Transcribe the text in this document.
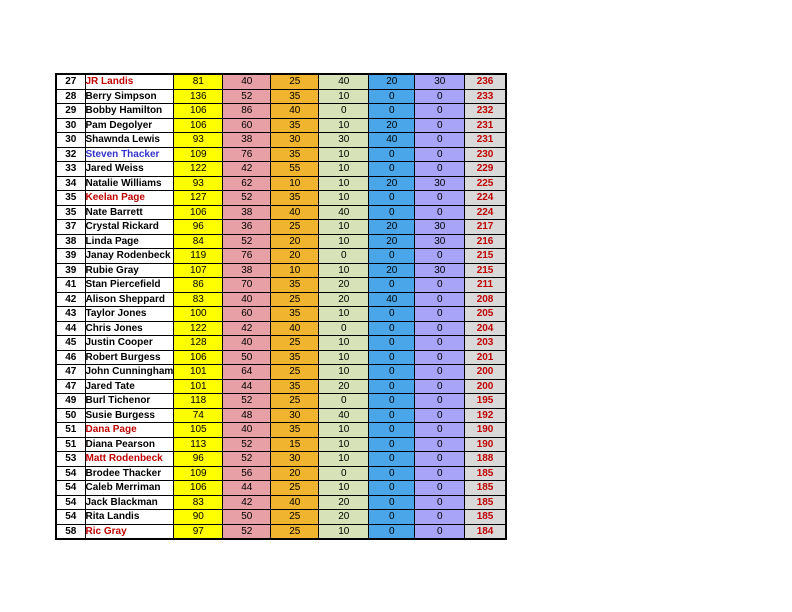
27	JR Landis	81	40	25	40	20	30	236
28	Berry Simpson	136	52	35	10	0	0	233
29	Bobby Hamilton	106	86	40	0	0	0	232
30	Pam Degolyer	106	60	35	10	20	0	231
30	Shawnda Lewis	93	38	30	30	40	0	231
32	Steven Thacker	109	76	35	10	0	0	230
33	Jared Weiss	122	42	55	10	0	0	229
34	Natalie Williams	93	62	10	10	20	30	225
35	Keelan Page	127	52	35	10	0	0	224
35	Nate Barrett	106	38	40	40	0	0	224
37	Crystal Rickard	96	36	25	10	20	30	217
38	Linda Page	84	52	20	10	20	30	216
39	Janay Rodenbeck	119	76	20	0	0	0	215
39	Rubie Gray	107	38	10	10	20	30	215
41	Stan Piercefield	86	70	35	20	0	0	211
42	Alison Sheppard	83	40	25	20	40	0	208
43	Taylor Jones	100	60	35	10	0	0	205
44	Chris Jones	122	42	40	0	0	0	204
45	Justin Cooper	128	40	25	10	0	0	203
46	Robert Burgess	106	50	35	10	0	0	201
47	John Cunningham	101	64	25	10	0	0	200
47	Jared Tate	101	44	35	20	0	0	200
49	Burl Tichenor	118	52	25	0	0	0	195
50	Susie Burgess	74	48	30	40	0	0	192
51	Dana Page	105	40	35	10	0	0	190
51	Diana Pearson	113	52	15	10	0	0	190
53	Matt Rodenbeck	96	52	30	10	0	0	188
54	Brodee Thacker	109	56	20	0	0	0	185
54	Caleb Merriman	106	44	25	10	0	0	185
54	Jack Blackman	83	42	40	20	0	0	185
54	Rita Landis	90	50	25	20	0	0	185
58	Ric Gray	97	52	25	10	0	0	184
